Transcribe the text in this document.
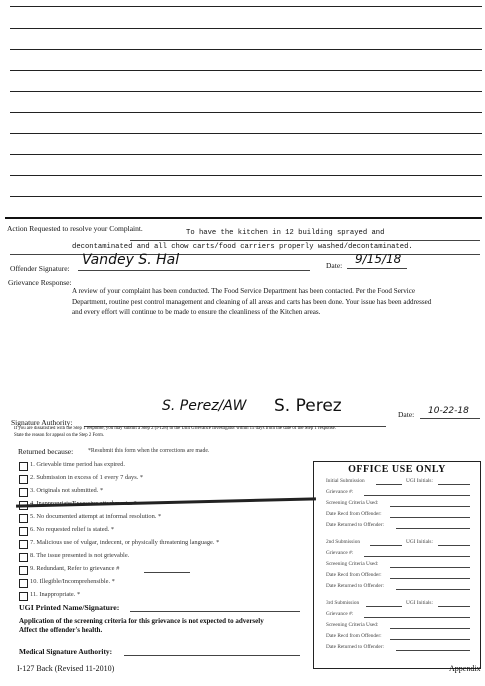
Action Requested to resolve your Complaint.	To have the kitchen in 12 building sprayed and
decontaminated and all chow carts/food carriers properly washed/decontaminated.
Offender Signature:
Vandey S. Hal	Date: 9/15/18
Grievance Response:
A review of your complaint has been conducted. The Food Service Department has been contacted. Per the Food Service Department, routine pest control management and cleaning of all areas and carts has been done. Your issue has been addressed and every effort will continue to be made to ensure the cleanliness of the Kitchen areas.
S. Perez/AW S. Perez
Signature Authority:
Date: 10-22-18
If you are dissatisfied with the Step 1 response, you may submit a Step 2 (I-128) to the Unit Grievance Investigator within 15 days from the date of the Step 1 response.
State the reason for appeal on the Step 2 Form.
Returned because:	*Resubmit this form when the corrections are made.
1. Grievable time period has expired.
2. Submission in excess of 1 every 7 days. *
3. Originals not submitted. *
5. No documented attempt at informal resolution. *
6. No requested relief is stated. *
7. Malicious use of vulgar, indecent, or physically threatening language. *
8. The issue presented is not grievable.
9. Redundant, Refer to grievance #
10. Illegible/Incomprehensible. *
11. Inappropriate. *
UGI Printed Name/Signature:
Application of the screening criteria for this grievance is not expected to adversely
Affect the offender's health.
Medical Signature Authority:
OFFICE USE ONLY
Initial Submission	UGI Initials:
Grievance #:
Screening Criteria Used:
Date Recd from Offender:
Date Returned to Offender:
2nd Submission	UGI Initials:
Grievance #:
Screening Criteria Used:
Date Recd from Offender:
Date Returned to Offender:
3rd Submission	UGI Initials:
Grievance #:
Screening Criteria Used:
Date Recd from Offender:
Date Returned to Offender:
I-127 Back (Revised 11-2010)	Appendix
